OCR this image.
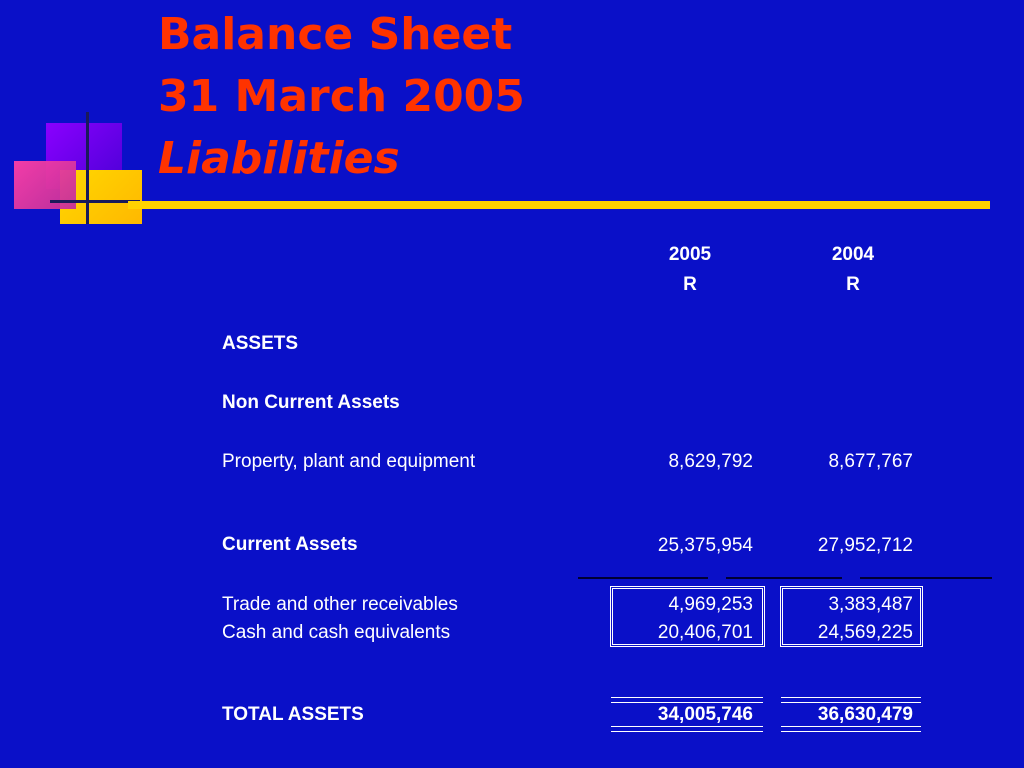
Balance Sheet
31 March 2005
Liabilities
2005	2004
R	R
ASSETS
Non Current Assets
Property, plant and equipment	8,629,792	8,677,767
Current Assets	25,375,954	27,952,712
Trade and other receivables	4,969,253	3,383,487
Cash and cash equivalents	20,406,701	24,569,225
TOTAL ASSETS	34,005,746	36,630,479
